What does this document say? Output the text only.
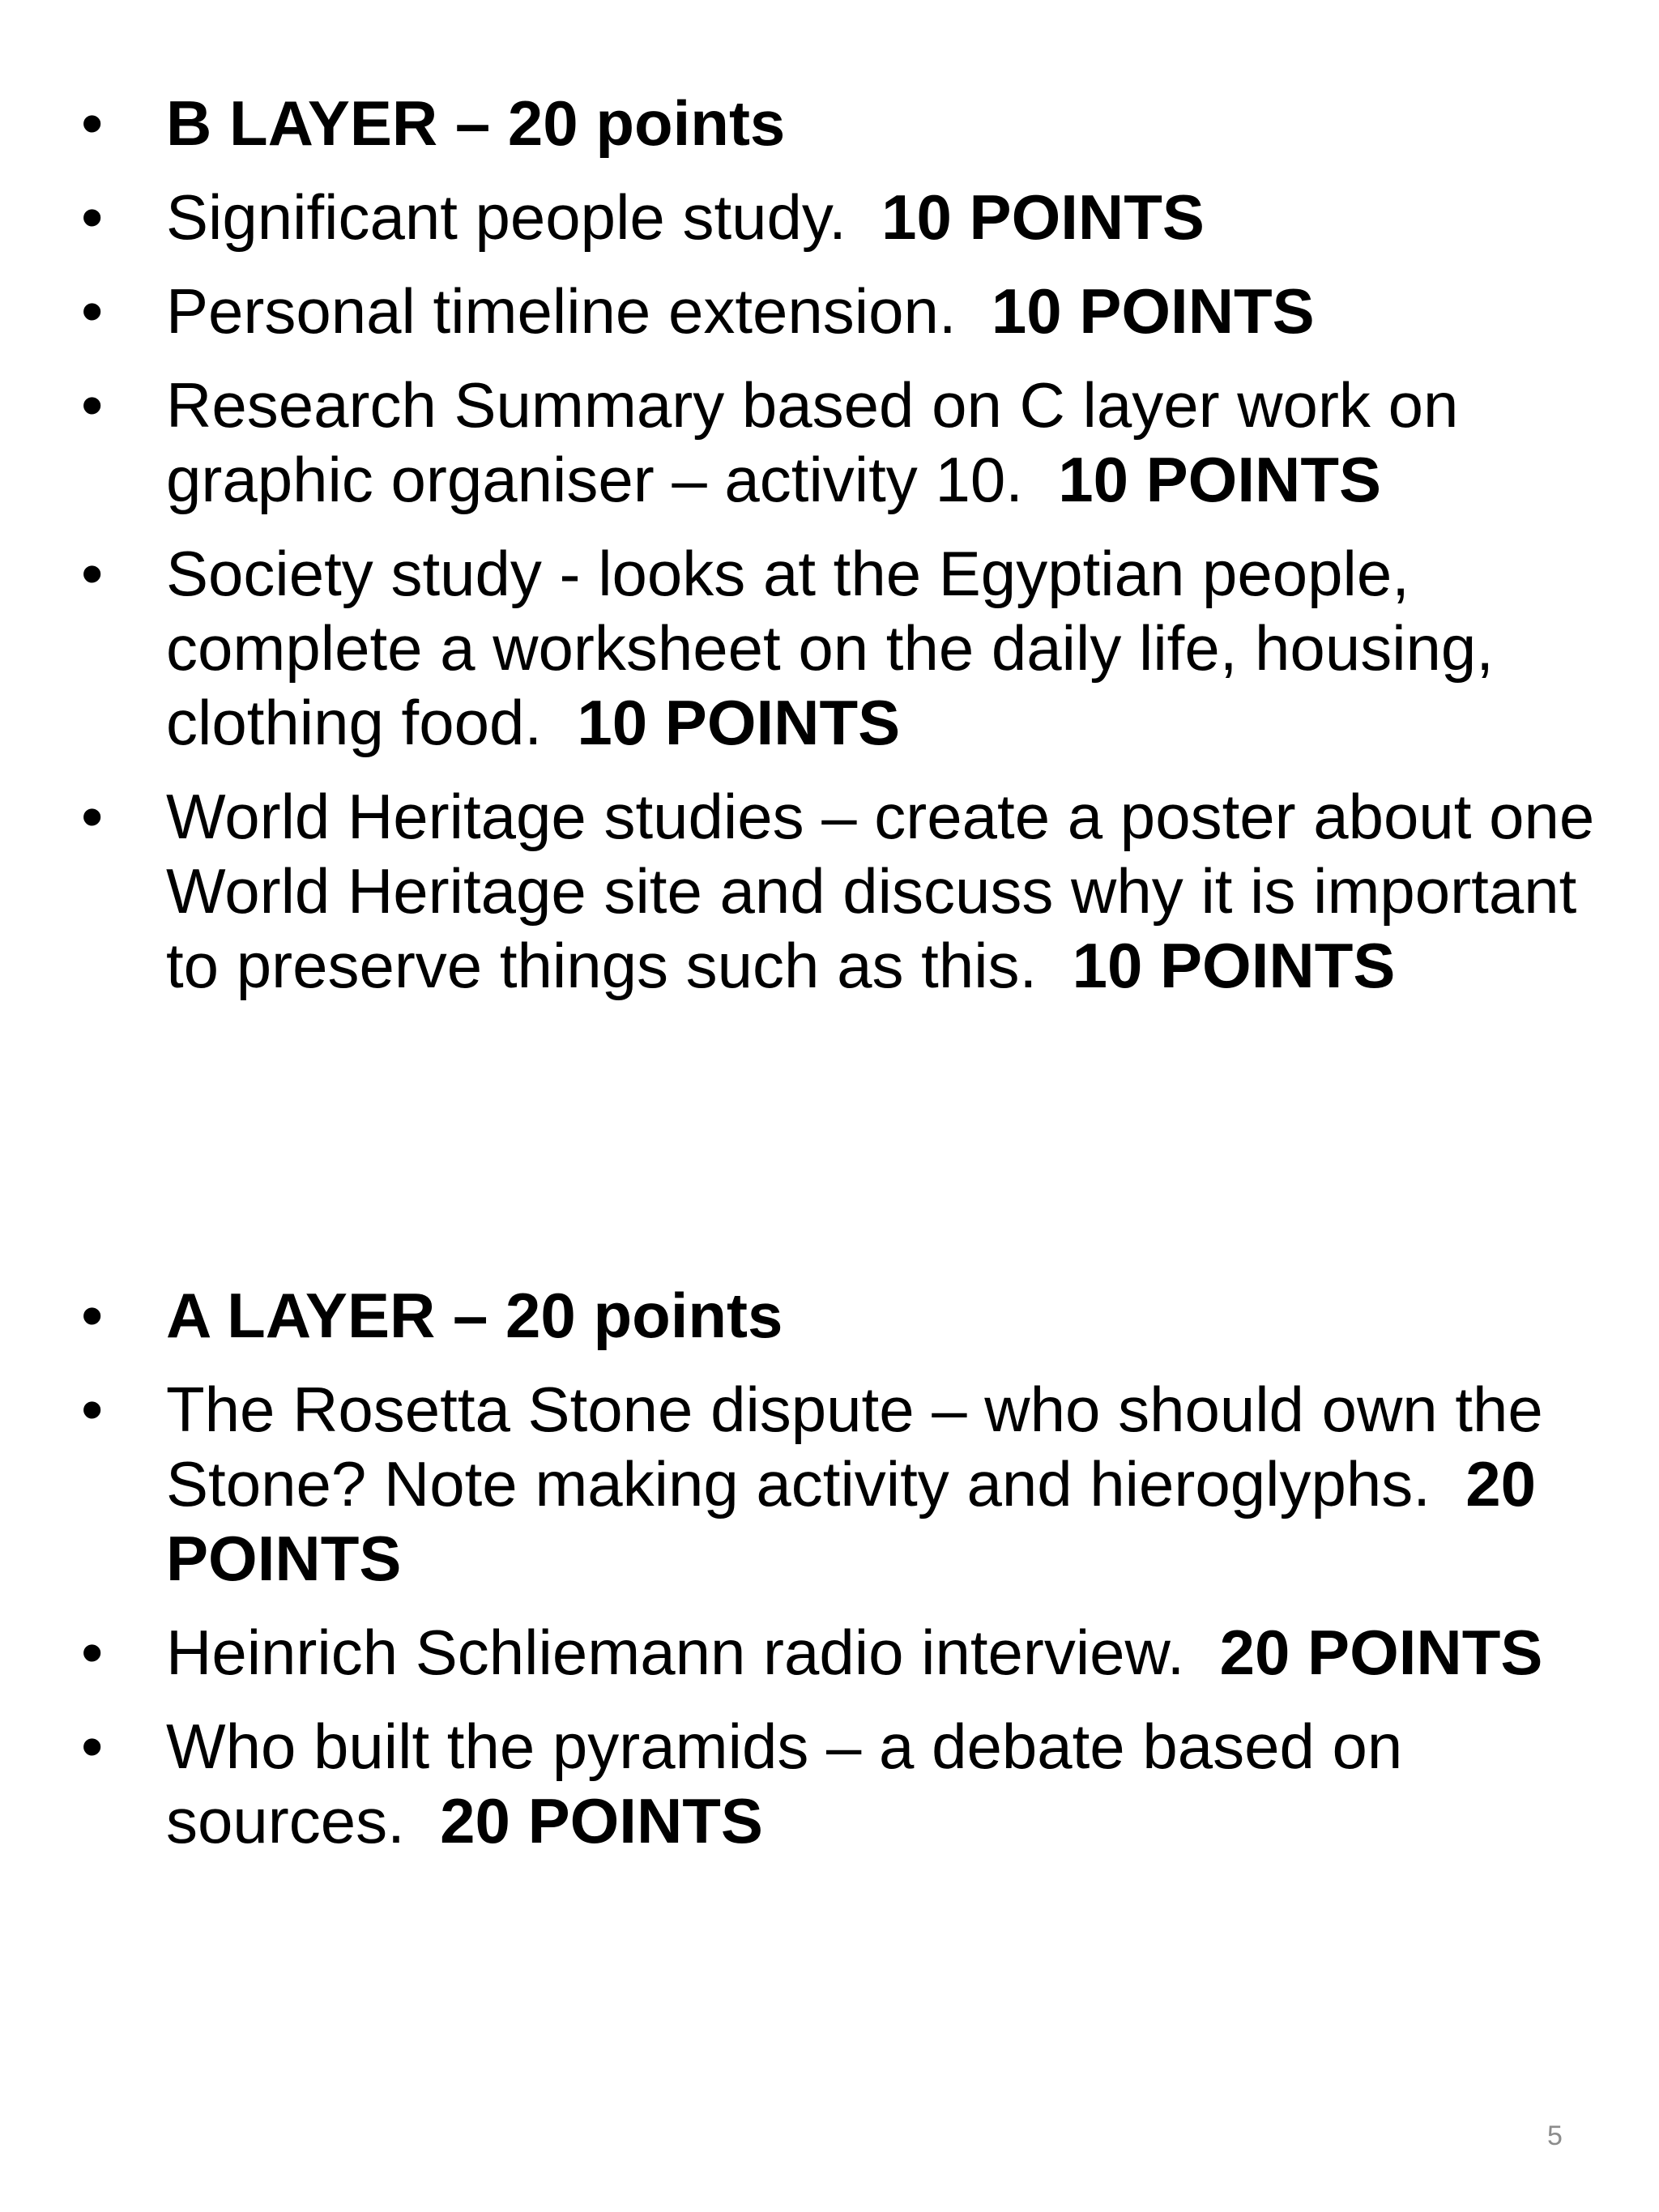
• B LAYER – 20 points
• Significant people study. 10 POINTS
• Personal timeline extension. 10 POINTS
• Research Summary based on C layer work on graphic organiser – activity 10. 10 POINTS
• Society study - looks at the Egyptian people, complete a worksheet on the daily life, housing, clothing food. 10 POINTS
• World Heritage studies – create a poster about one World Heritage site and discuss why it is important to preserve things such as this. 10 POINTS
• A LAYER – 20 points
• The Rosetta Stone dispute – who should own the Stone? Note making activity and hieroglyphs. 20 POINTS
• Heinrich Schliemann radio interview. 20 POINTS
• Who built the pyramids – a debate based on sources. 20 POINTS
5
